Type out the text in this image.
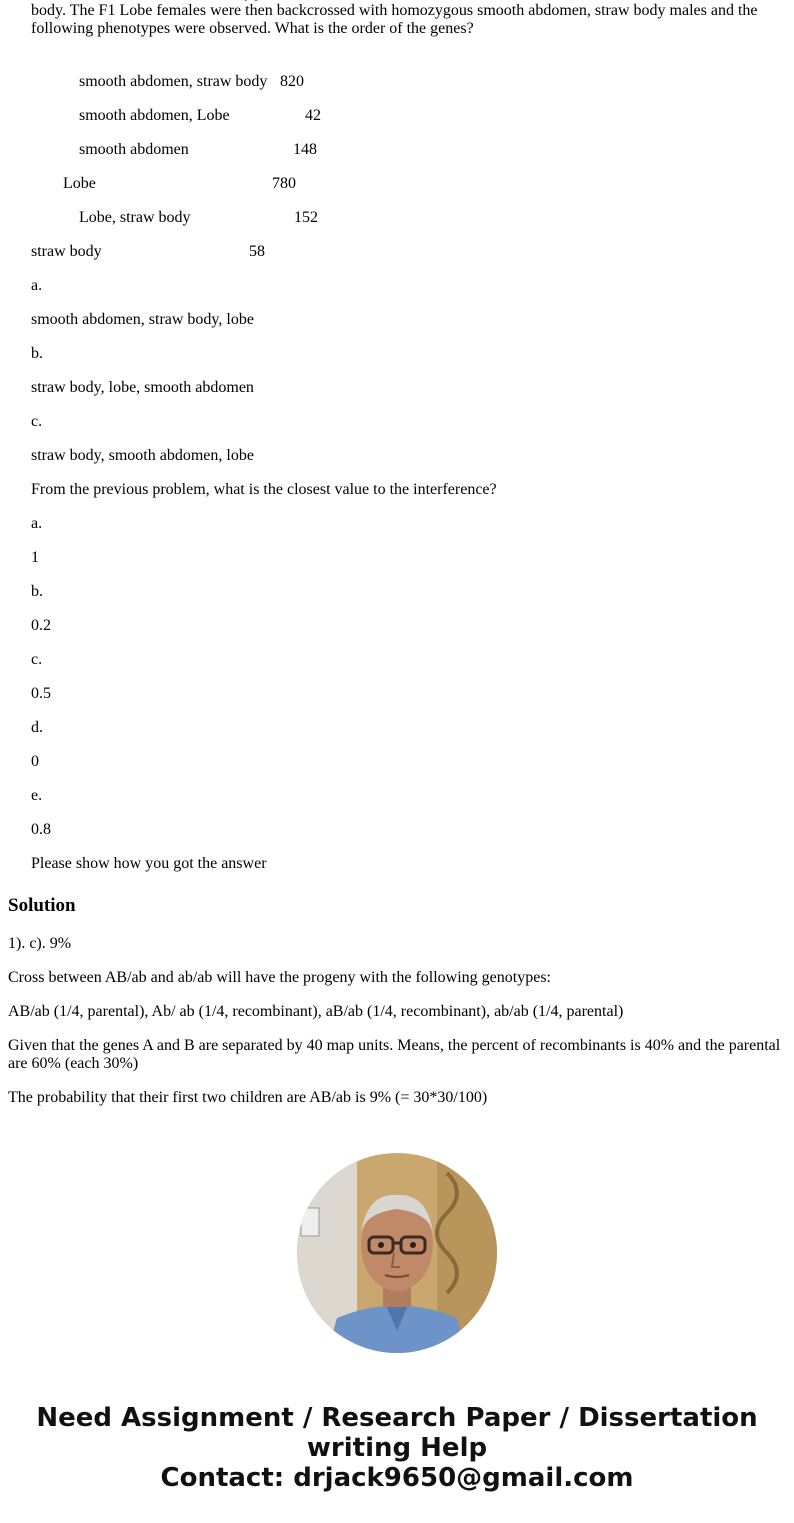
body. The F1 Lobe females were then backcrossed with homozygous smooth abdomen, straw body males and the following phenotypes were observed. What is the order of the genes?

smooth abdomen, straw body 820
smooth abdomen, Lobe	42
smooth abdomen	148
Lobe	780
Lobe, straw body	152
straw body	58
a.
smooth abdomen, straw body, lobe
b.
straw body, lobe, smooth abdomen
c.
straw body, smooth abdomen, lobe
From the previous problem, what is the closest value to the interference?
a.
1
b.
0.2
c.
0.5
d.
0
e.
0.8
Please show how you got the answer
Solution

1). c). 9%

Cross between AB/ab and ab/ab will have the progeny with the following genotypes:

AB/ab (1/4, parental), Ab/ ab (1/4, recombinant), aB/ab (1/4, recombinant), ab/ab (1/4, parental)

Given that the genes A and B are separated by 40 map units. Means, the percent of recombinants is 40% and the parental are 60% (each 30%)

The probability that their first two children are AB/ab is 9% (= 30*30/100)

Need Assignment / Research Paper / Dissertation
writing Help
Contact: drjack9650@gmail.com
